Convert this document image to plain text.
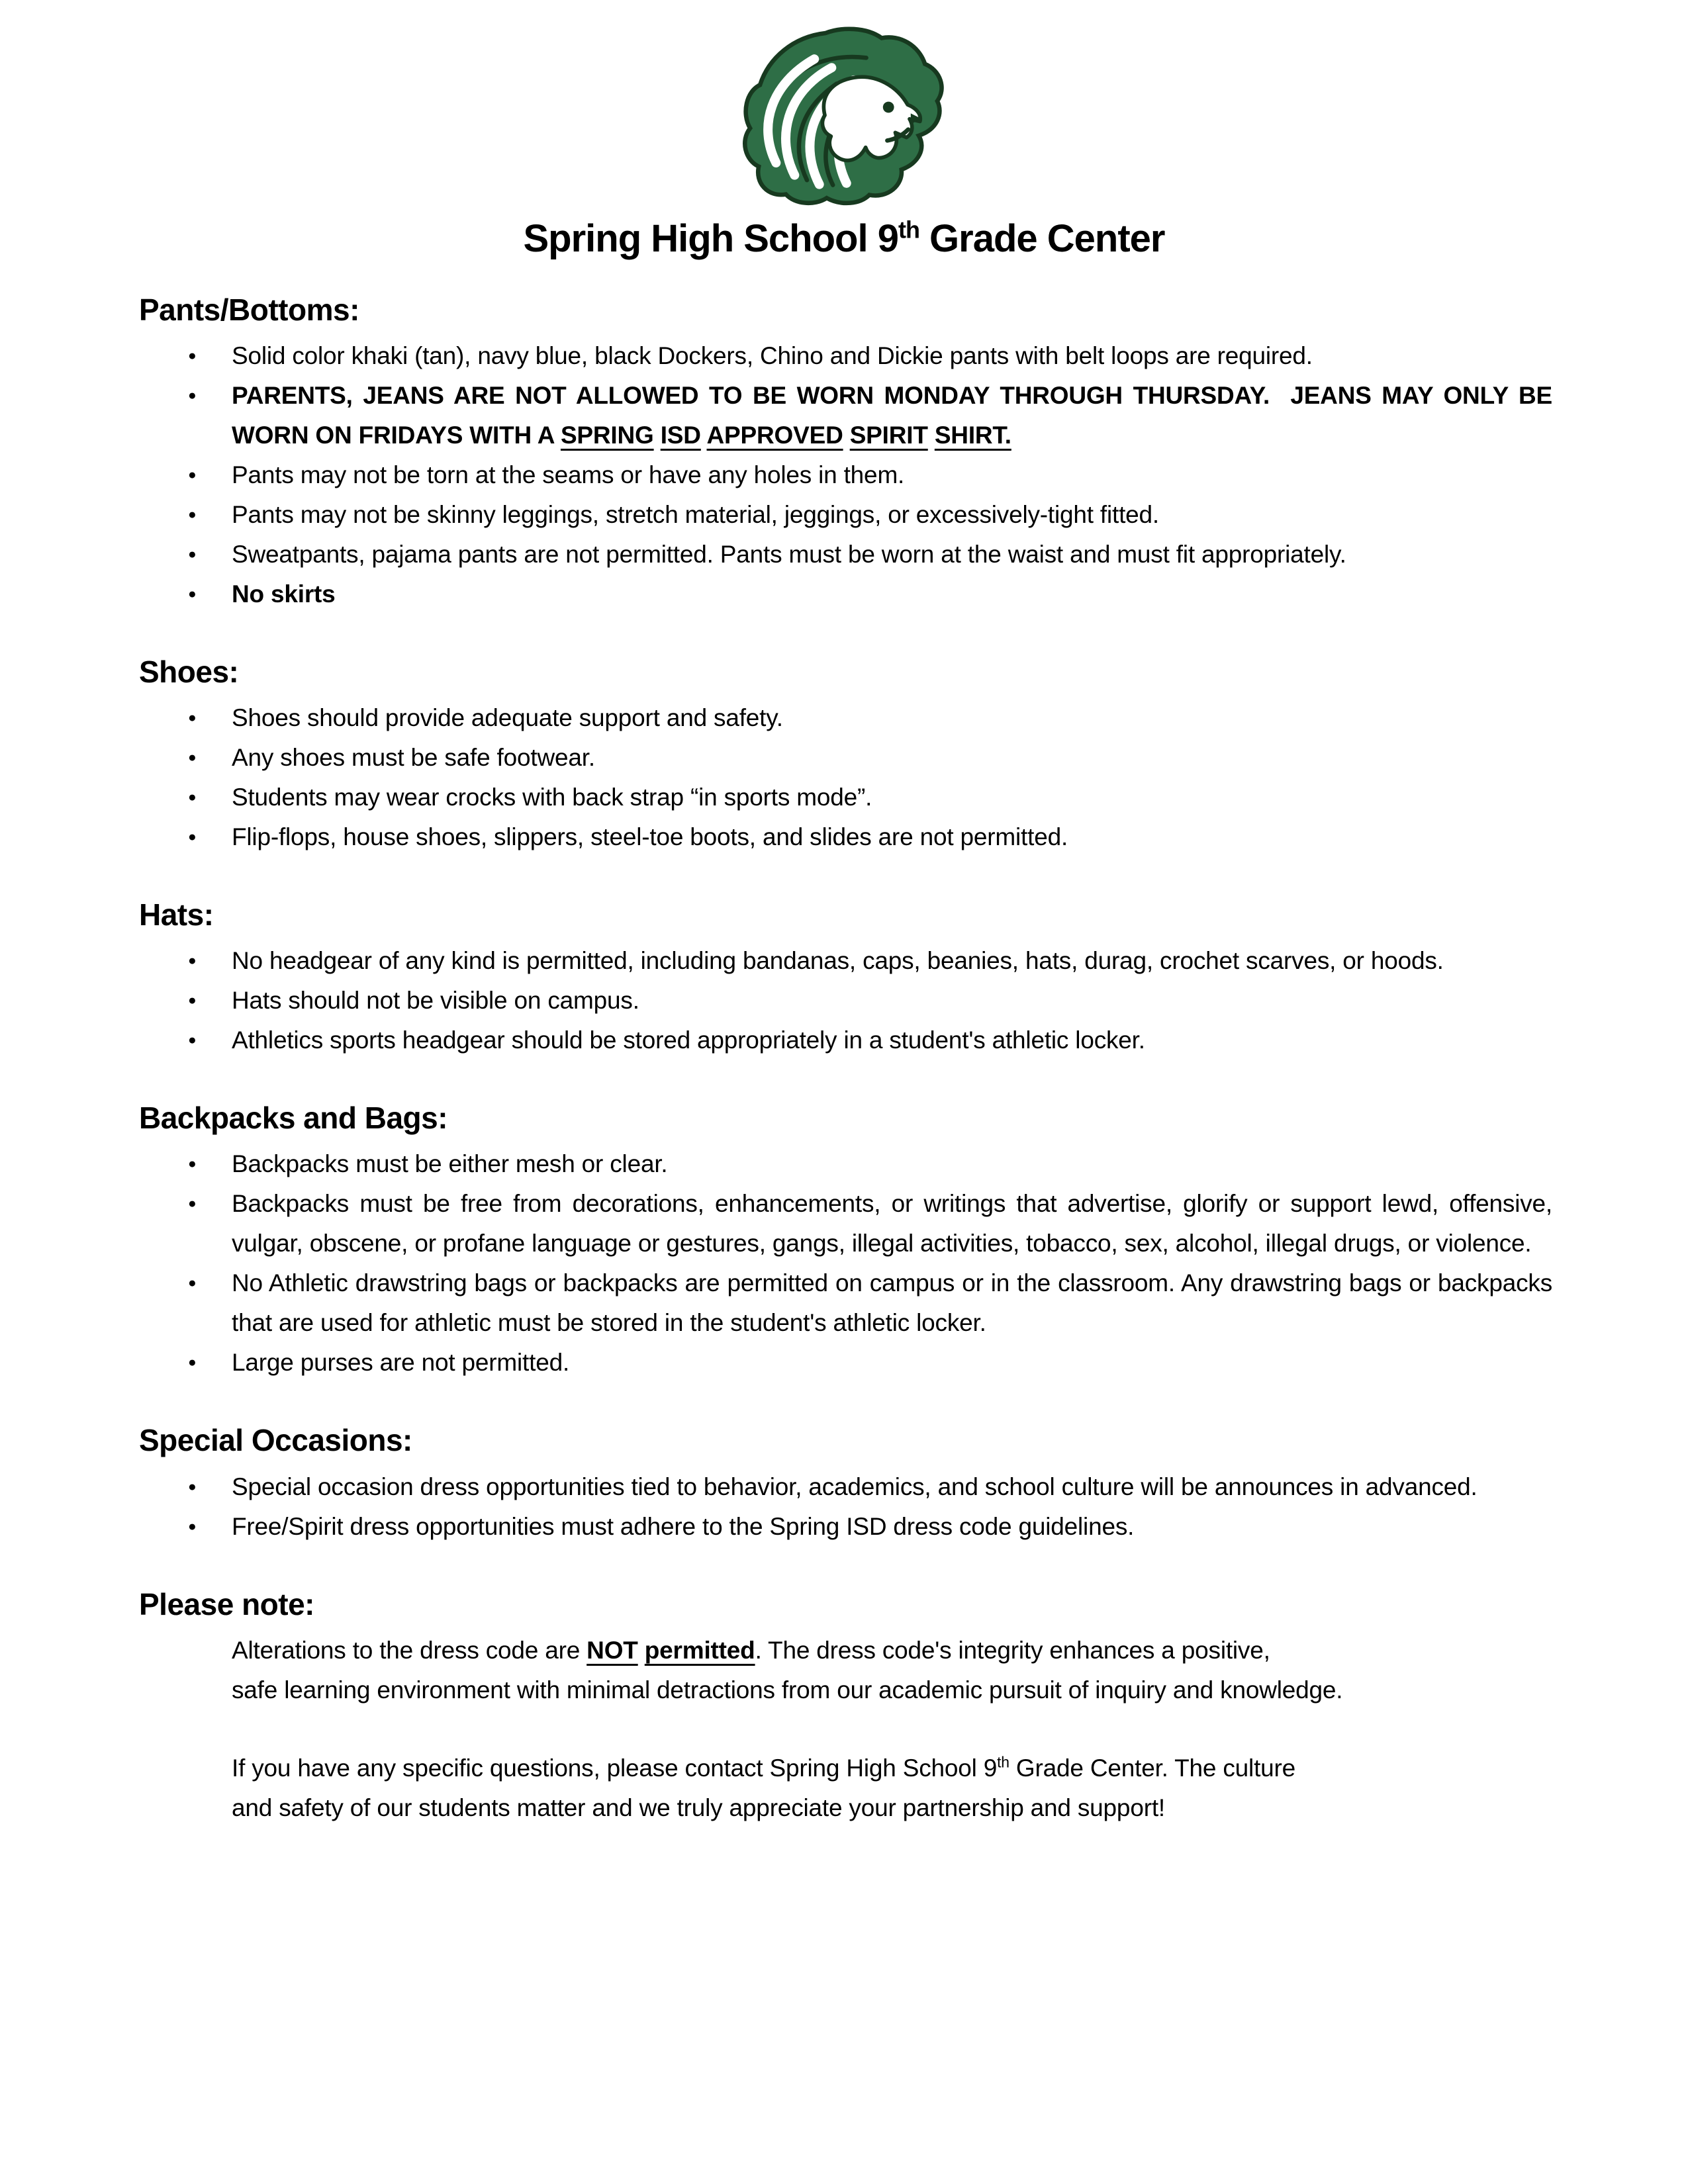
Spring High School 9th Grade Center
Pants/Bottoms:
● Solid color khaki (tan), navy blue, black Dockers, Chino and Dickie pants with belt loops are required.
● PARENTS, JEANS ARE NOT ALLOWED TO BE WORN MONDAY THROUGH THURSDAY.  JEANS MAY ONLY BE WORN ON FRIDAYS WITH A SPRING ISD APPROVED SPIRIT SHIRT.
● Pants may not be torn at the seams or have any holes in them.
● Pants may not be skinny leggings, stretch material, jeggings, or excessively-tight fitted.
● Sweatpants, pajama pants are not permitted. Pants must be worn at the waist and must fit appropriately.
● No skirts
Shoes:
● Shoes should provide adequate support and safety.
● Any shoes must be safe footwear.
● Students may wear crocks with back strap “in sports mode”.
● Flip-flops, house shoes, slippers, steel-toe boots, and slides are not permitted.
Hats:
● No headgear of any kind is permitted, including bandanas, caps, beanies, hats, durag, crochet scarves, or hoods.
● Hats should not be visible on campus.
● Athletics sports headgear should be stored appropriately in a student's athletic locker.
Backpacks and Bags:
● Backpacks must be either mesh or clear.
● Backpacks must be free from decorations, enhancements, or writings that advertise, glorify or support lewd, offensive, vulgar, obscene, or profane language or gestures, gangs, illegal activities, tobacco, sex, alcohol, illegal drugs, or violence.
● No Athletic drawstring bags or backpacks are permitted on campus or in the classroom. Any drawstring bags or backpacks that are used for athletic must be stored in the student's athletic locker.
● Large purses are not permitted.
Special Occasions:
● Special occasion dress opportunities tied to behavior, academics, and school culture will be announces in advanced.
● Free/Spirit dress opportunities must adhere to the Spring ISD dress code guidelines.
Please note:
Alterations to the dress code are NOT permitted. The dress code's integrity enhances a positive,
safe learning environment with minimal detractions from our academic pursuit of inquiry and knowledge.
If you have any specific questions, please contact Spring High School 9th Grade Center. The culture
and safety of our students matter and we truly appreciate your partnership and support!
